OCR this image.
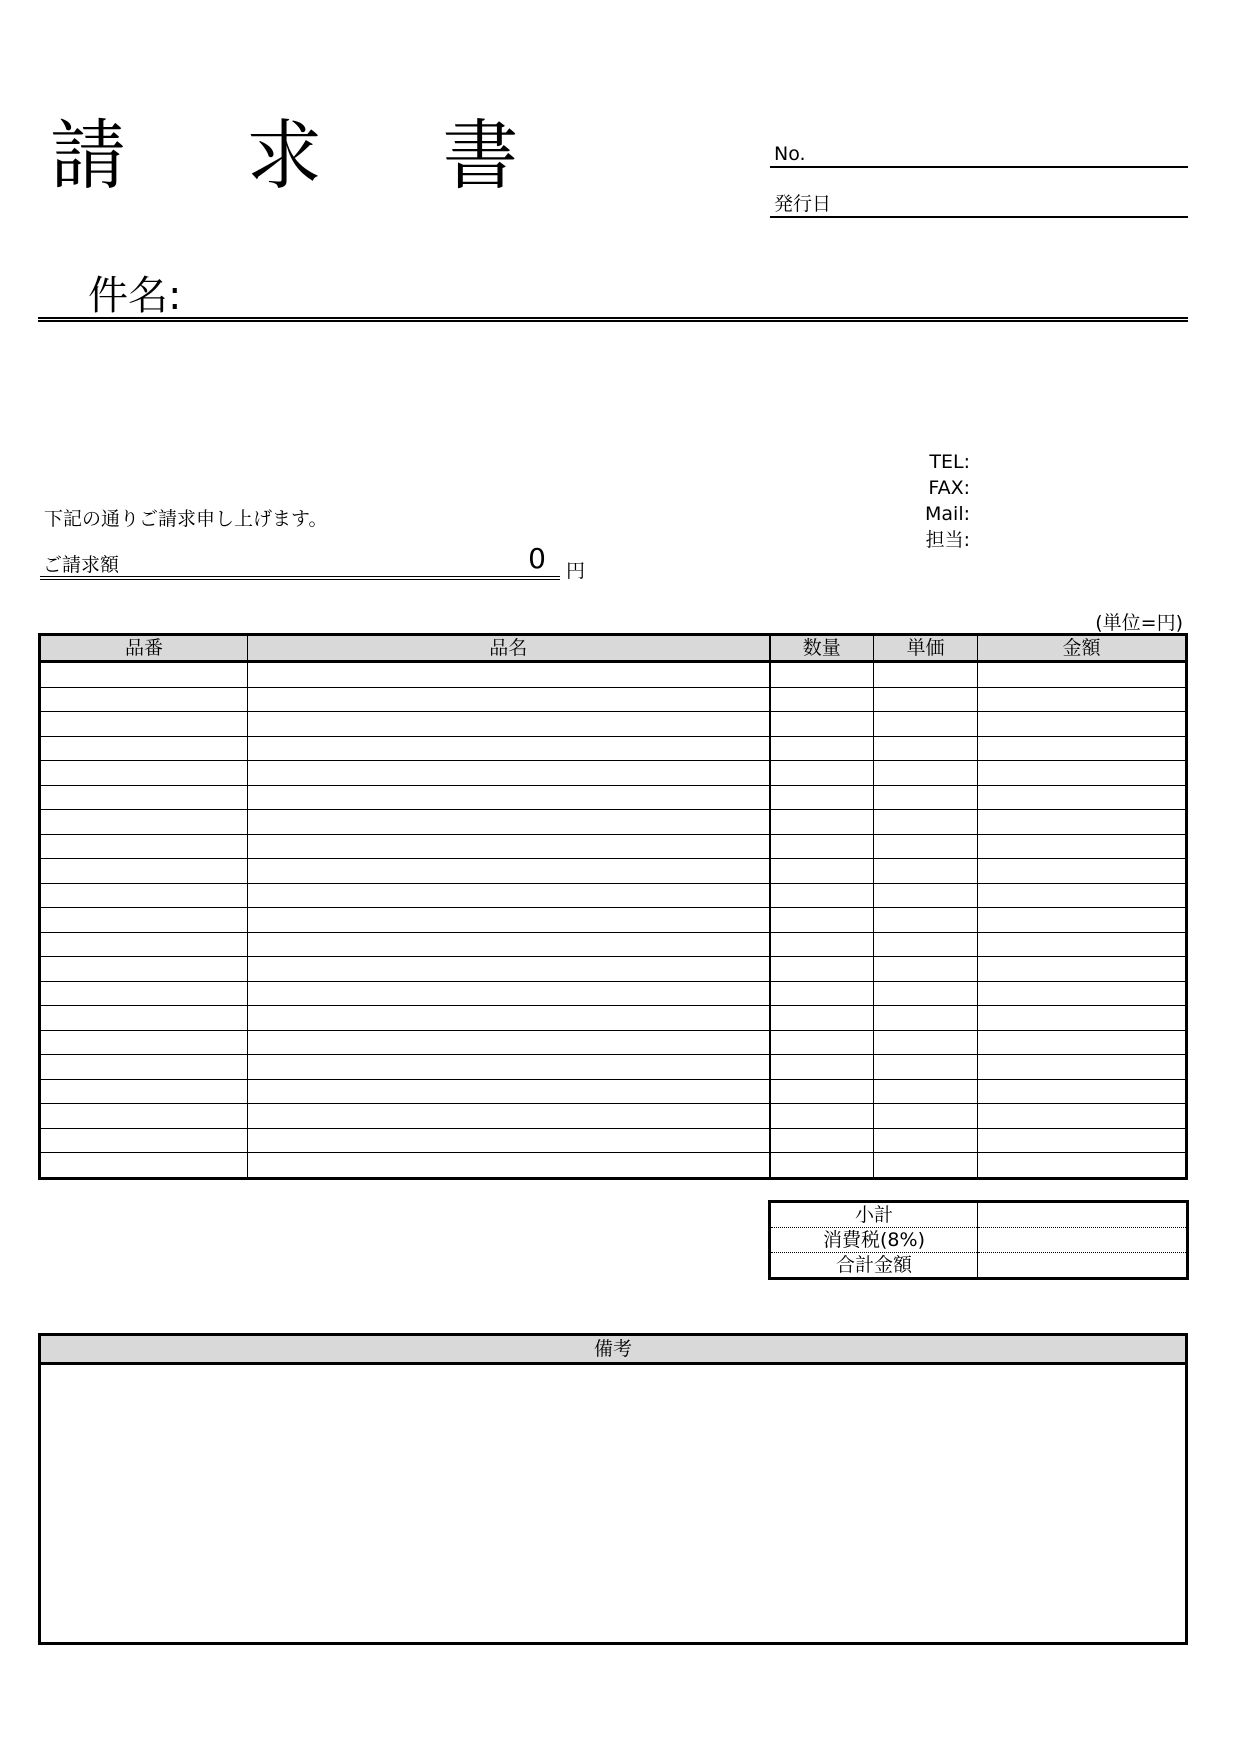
請 求 書	No.
発行日
件名:
TEL:
FAX:
Mail:
担当:
下記の通りご請求申し上げます。
ご請求額	0 円
(単位=円)
品番	品名	数量	単価	金額

小計	
消費税(8%)	
合計金額	
備考
